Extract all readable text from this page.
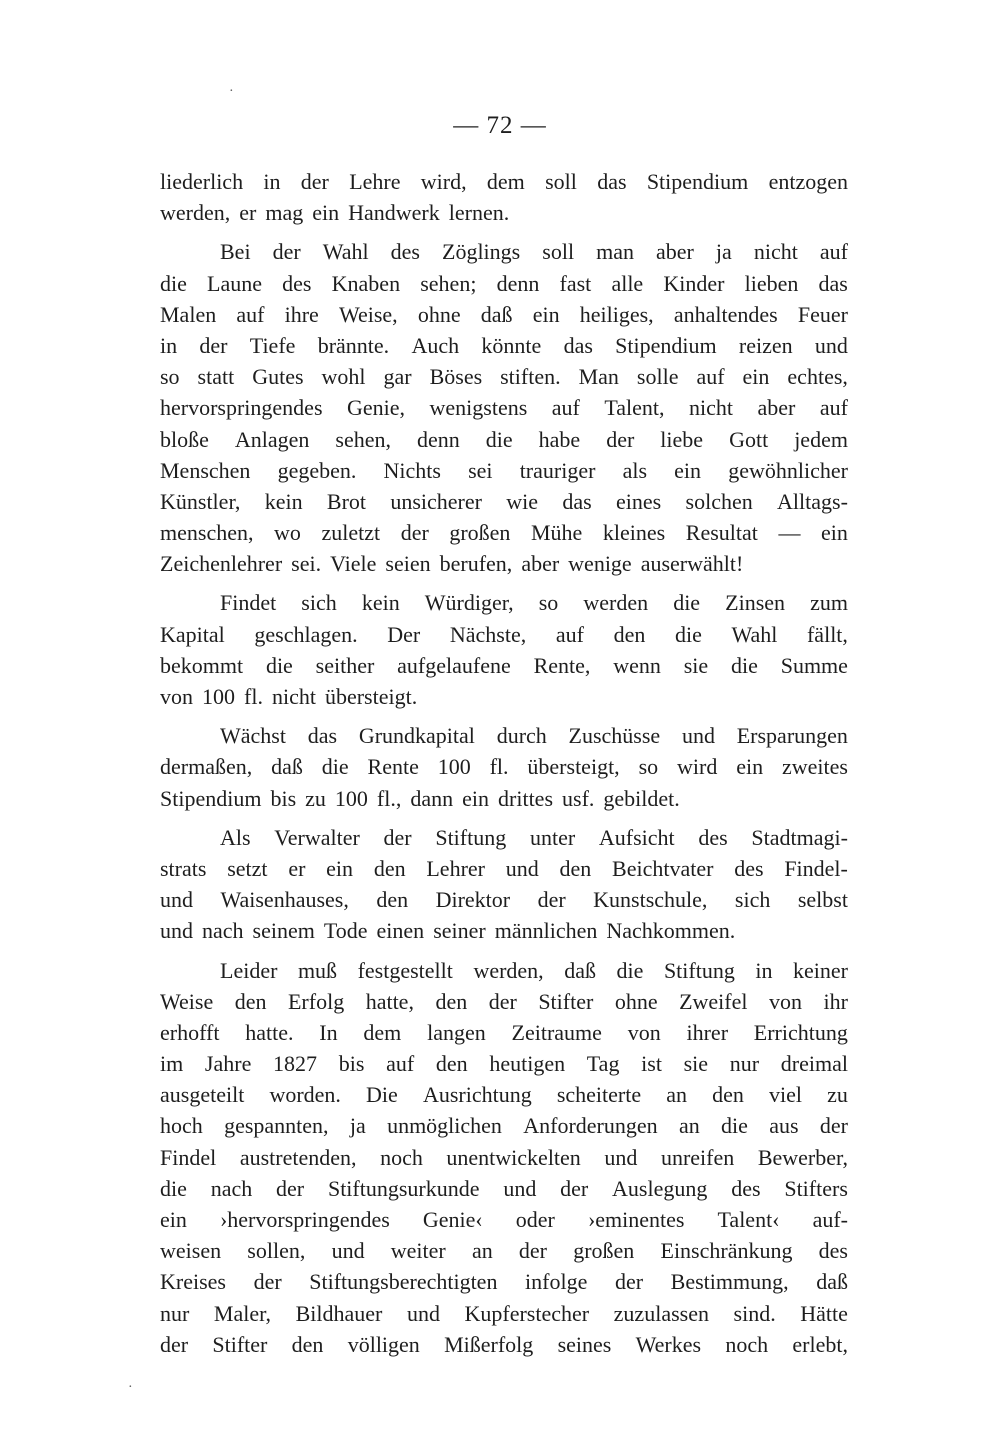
— 72 —
liederlich in der Lehre wird, dem soll das Stipendium entzogen
werden, er mag ein Handwerk lernen.
Bei der Wahl des Zöglings soll man aber ja nicht auf
die Laune des Knaben sehen; denn fast alle Kinder lieben das
Malen auf ihre Weise, ohne daß ein heiliges, anhaltendes Feuer
in der Tiefe brännte. Auch könnte das Stipendium reizen und
so statt Gutes wohl gar Böses stiften. Man solle auf ein echtes,
hervorspringendes Genie, wenigstens auf Talent, nicht aber auf
bloße Anlagen sehen, denn die habe der liebe Gott jedem
Menschen gegeben. Nichts sei trauriger als ein gewöhnlicher
Künstler, kein Brot unsicherer wie das eines solchen Alltags-
menschen, wo zuletzt der großen Mühe kleines Resultat — ein
Zeichenlehrer sei. Viele seien berufen, aber wenige auserwählt!
Findet sich kein Würdiger, so werden die Zinsen zum
Kapital geschlagen. Der Nächste, auf den die Wahl fällt,
bekommt die seither aufgelaufene Rente, wenn sie die Summe
von 100 fl. nicht übersteigt.
Wächst das Grundkapital durch Zuschüsse und Ersparungen
dermaßen, daß die Rente 100 fl. übersteigt, so wird ein zweites
Stipendium bis zu 100 fl., dann ein drittes usf. gebildet.
Als Verwalter der Stiftung unter Aufsicht des Stadtmagi-
strats setzt er ein den Lehrer und den Beichtvater des Findel-
und Waisenhauses, den Direktor der Kunstschule, sich selbst
und nach seinem Tode einen seiner männlichen Nachkommen.
Leider muß festgestellt werden, daß die Stiftung in keiner
Weise den Erfolg hatte, den der Stifter ohne Zweifel von ihr
erhofft hatte. In dem langen Zeitraume von ihrer Errichtung
im Jahre 1827 bis auf den heutigen Tag ist sie nur dreimal
ausgeteilt worden. Die Ausrichtung scheiterte an den viel zu
hoch gespannten, ja unmöglichen Anforderungen an die aus der
Findel austretenden, noch unentwickelten und unreifen Bewerber,
die nach der Stiftungsurkunde und der Auslegung des Stifters
ein ›hervorspringendes Genie‹ oder ›eminentes Talent‹ auf-
weisen sollen, und weiter an der großen Einschränkung des
Kreises der Stiftungsberechtigten infolge der Bestimmung, daß
nur Maler, Bildhauer und Kupferstecher zuzulassen sind. Hätte
der Stifter den völligen Mißerfolg seines Werkes noch erlebt,
·
·
